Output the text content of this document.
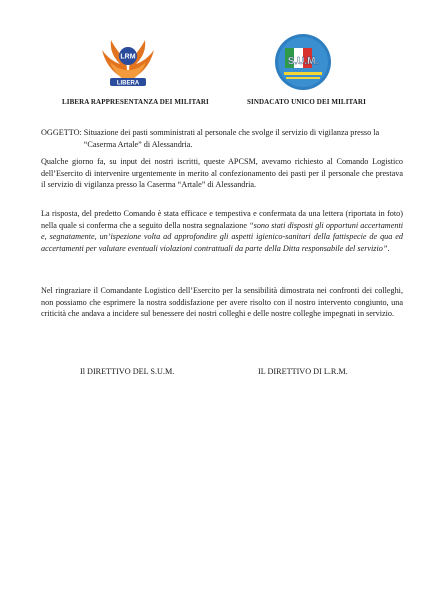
LRM
LIBERA
S.U.M.
LIBERA RAPPRESENTANZA DEI MILITARI	SINDACATO UNICO DEI MILITARI
OGGETTO: Situazione dei pasti somministrati al personale che svolge il servizio di vigilanza presso la “Caserma Artale” di Alessandria.

Qualche giorno fa, su input dei nostri iscritti, queste APCSM, avevamo richiesto al Comando Logistico dell’Esercito di intervenire urgentemente in merito al confezionamento dei pasti per il personale che prestava il servizio di vigilanza presso la Caserma “Artale” di Alessandria.

La risposta, del predetto Comando è stata efficace e tempestiva e confermata da una lettera (riportata in foto) nella quale si conferma che a seguito della nostra segnalazione “sono stati disposti gli opportuni accertamenti e, segnatamente, un’ispezione volta ad approfondire gli aspetti igienico-sanitari della fattispecie de qua ed accertamenti per valutare eventuali violazioni contrattuali da parte della Ditta responsabile del servizio”.

Nel ringraziare il Comandante Logistico dell’Esercito per la sensibilità dimostrata nei confronti dei colleghi, non possiamo che esprimere la nostra soddisfazione per avere risolto con il nostro intervento congiunto, una criticità che andava a incidere sul benessere dei nostri colleghi e delle nostre colleghe impegnati in servizio.

Il DIRETTIVO DEL S.U.M.	IL DIRETTIVO DI L.R.M.
